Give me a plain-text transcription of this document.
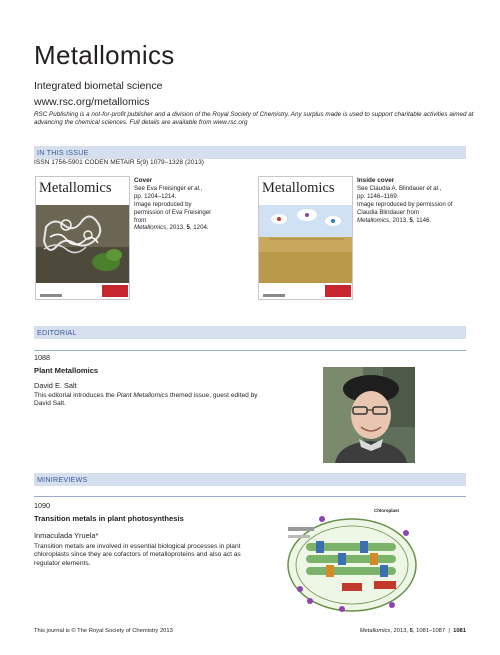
Metallomics
Integrated biometal science
www.rsc.org/metallomics
RSC Publishing is a not-for-profit publisher and a division of the Royal Society of Chemistry. Any surplus made is used to support charitable activities aimed at advancing the chemical sciences. Full details are available from www.rsc.org
IN THIS ISSUE
ISSN 1756-5901 CODEN METAIR 5(9) 1079–1328 (2013)
Metallomics	Cover
See Eva Freisinger et al.,
pp. 1204–1214.
Image reproduced by permission of Eva Freisinger from
Metallomics, 2013, 5, 1204.
Metallomics	Inside cover
See Claudia A. Blindauer et al.,
pp. 1146–1169.
Image reproduced by permission of Claudia Blindauer from
Metallomics, 2013, 5, 1146.
EDITORIAL
1088
Plant Metallomics
David E. Salt
This editorial introduces the Plant Metallomics themed issue, guest edited by David Salt.
MINIREVIEWS
1090
Transition metals in plant photosynthesis
Inmaculada Yruela*
Transition metals are involved in essential biological processes in plant chloroplasts since they are cofactors of metalloproteins and also act as regulator elements.
Chloroplast
This journal is © The Royal Society of Chemistry 2013	Metallomics, 2013, 5, 1081–1087  |  1081
